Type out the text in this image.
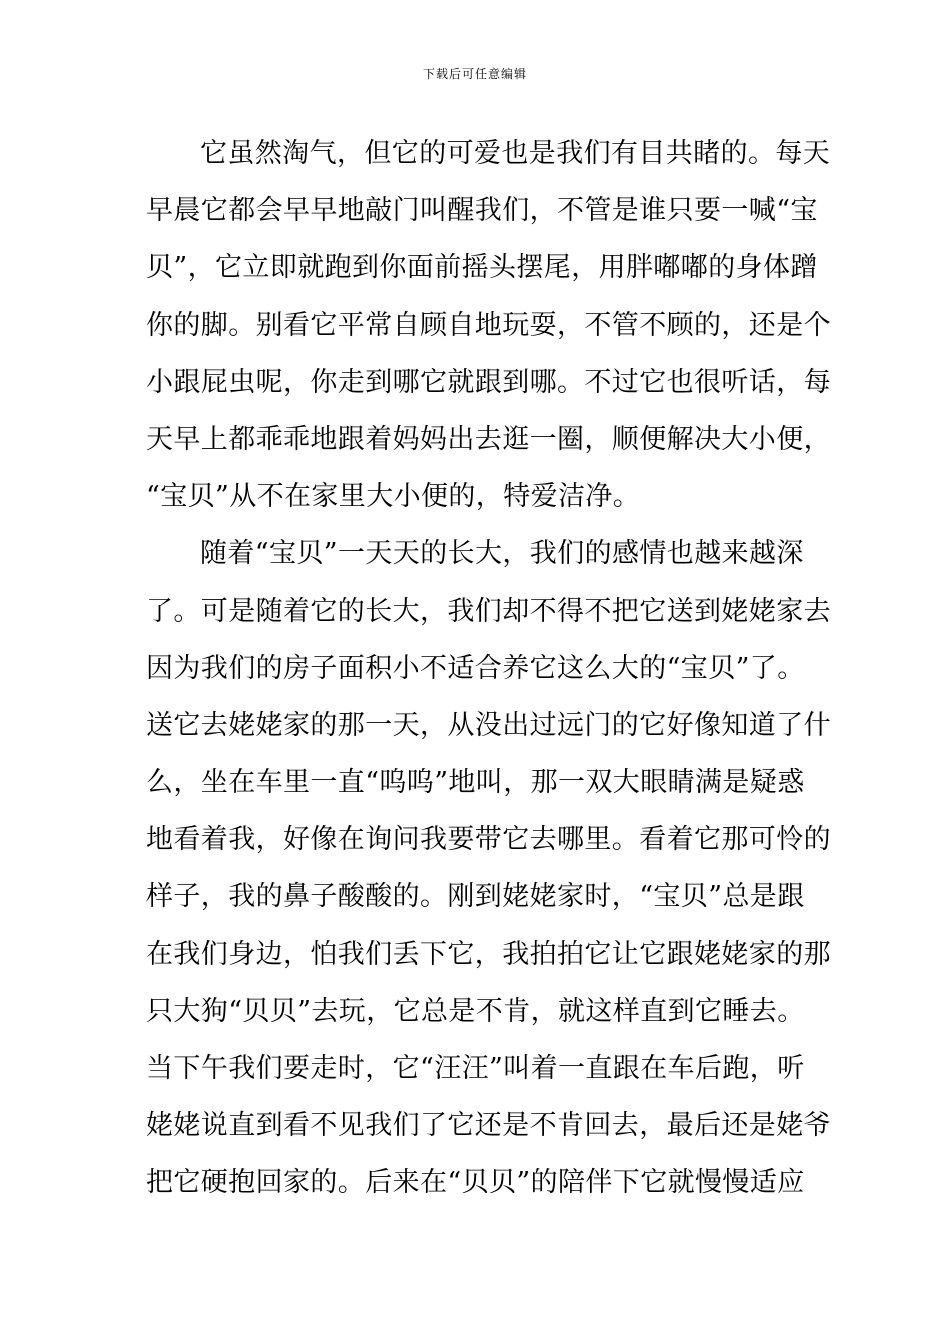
下载后可任意编辑
它虽然淘气，但它的可爱也是我们有目共睹的。每天
早晨它都会早早地敲门叫醒我们，不管是谁只要一喊“宝
贝”，它立即就跑到你面前摇头摆尾，用胖嘟嘟的身体蹭
你的脚。别看它平常自顾自地玩耍，不管不顾的，还是个
小跟屁虫呢，你走到哪它就跟到哪。不过它也很听话，每
天早上都乖乖地跟着妈妈出去逛一圈，顺便解决大小便，
“宝贝”从不在家里大小便的，特爱洁净。
随着“宝贝”一天天的长大，我们的感情也越来越深
了。可是随着它的长大，我们却不得不把它送到姥姥家去
因为我们的房子面积小不适合养它这么大的“宝贝”了。
送它去姥姥家的那一天，从没出过远门的它好像知道了什
么，坐在车里一直“呜呜”地叫，那一双大眼睛满是疑惑
地看着我，好像在询问我要带它去哪里。看着它那可怜的
样子，我的鼻子酸酸的。刚到姥姥家时，“宝贝”总是跟
在我们身边，怕我们丢下它，我拍拍它让它跟姥姥家的那
只大狗“贝贝”去玩，它总是不肯，就这样直到它睡去。
当下午我们要走时，它“汪汪”叫着一直跟在车后跑，听
姥姥说直到看不见我们了它还是不肯回去，最后还是姥爷
把它硬抱回家的。后来在“贝贝”的陪伴下它就慢慢适应
